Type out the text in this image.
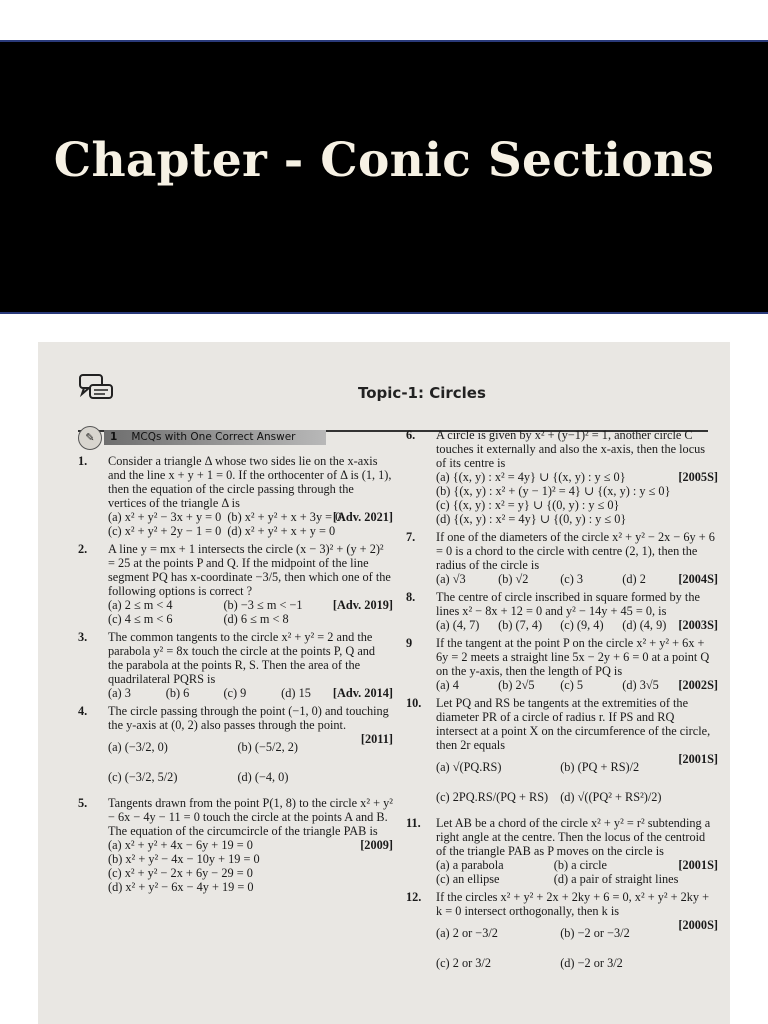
Chapter - Conic Sections
Topic-1: Circles
✎	1 MCQs with One Correct Answer
1. Consider a triangle Δ whose two sides lie on the x-axis and the line x + y + 1 = 0. If the orthocenter of Δ is (1, 1), then the equation of the circle passing through the vertices of the triangle Δ is
[Adv. 2021]
(a) x² + y² − 3x + y = 0 (b) x² + y² + x + 3y = 0
(c) x² + y² + 2y − 1 = 0 (d) x² + y² + x + y = 0
2. A line y = mx + 1 intersects the circle (x − 3)² + (y + 2)² = 25 at the points P and Q. If the midpoint of the line segment PQ has x-coordinate −3/5, then which one of the following options is correct ?
[Adv. 2019]
(a) 2 ≤ m < 4	(b) −3 ≤ m < −1
(c) 4 ≤ m < 6	(d) 6 ≤ m < 8
3. The common tangents to the circle x² + y² = 2 and the parabola y² = 8x touch the circle at the points P, Q and the parabola at the points R, S. Then the area of the quadrilateral PQRS is
[Adv. 2014]
(a) 3	(b) 6	(c) 9	(d) 15
4. The circle passing through the point (−1, 0) and touching the y-axis at (0, 2) also passes through the point.
[2011]
(a) (−3/2, 0)	(b) (−5/2, 2)
(c) (−3/2, 5/2)	(d) (−4, 0)
5. Tangents drawn from the point P(1, 8) to the circle x² + y² − 6x − 4y − 11 = 0 touch the circle at the points A and B. The equation of the circumcircle of the triangle PAB is
[2009]
(a) x² + y² + 4x − 6y + 19 = 0
(b) x² + y² − 4x − 10y + 19 = 0
(c) x² + y² − 2x + 6y − 29 = 0
(d) x² + y² − 6x − 4y + 19 = 0
6. A circle is given by x² + (y−1)² = 1, another circle C touches it externally and also the x-axis, then the locus of its centre is
[2005S]
(a) {(x, y) : x² = 4y} ∪ {(x, y) : y ≤ 0}
(b) {(x, y) : x² + (y − 1)² = 4} ∪ {(x, y) : y ≤ 0}
(c) {(x, y) : x² = y} ∪ {(0, y) : y ≤ 0}
(d) {(x, y) : x² = 4y} ∪ {(0, y) : y ≤ 0}
7. If one of the diameters of the circle x² + y² − 2x − 6y + 6 = 0 is a chord to the circle with centre (2, 1), then the radius of the circle is
[2004S]
(a) √3	(b) √2	(c) 3	(d) 2
8. The centre of circle inscribed in square formed by the lines x² − 8x + 12 = 0 and y² − 14y + 45 = 0, is
[2003S]
(a) (4, 7)	(b) (7, 4)	(c) (9, 4)	(d) (4, 9)
9 If the tangent at the point P on the circle x² + y² + 6x + 6y = 2 meets a straight line 5x − 2y + 6 = 0 at a point Q on the y-axis, then the length of PQ is
[2002S]
(a) 4	(b) 2√5	(c) 5	(d) 3√5
10. Let PQ and RS be tangents at the extremities of the diameter PR of a circle of radius r. If PS and RQ intersect at a point X on the circumference of the circle, then 2r equals
[2001S]
(a) √(PQ.RS)	(b) (PQ + RS)/2
(c) 2PQ.RS/(PQ + RS) (d) √((PQ² + RS²)/2)
11. Let AB be a chord of the circle x² + y² = r² subtending a right angle at the centre. Then the locus of the centroid of the triangle PAB as P moves on the circle is
[2001S]
(a) a parabola	(b) a circle
(c) an ellipse	(d) a pair of straight lines
12. If the circles x² + y² + 2x + 2ky + 6 = 0, x² + y² + 2ky + k = 0 intersect orthogonally, then k is
[2000S]
(a) 2 or −3/2	(b) −2 or −3/2
(c) 2 or 3/2	(d) −2 or 3/2
